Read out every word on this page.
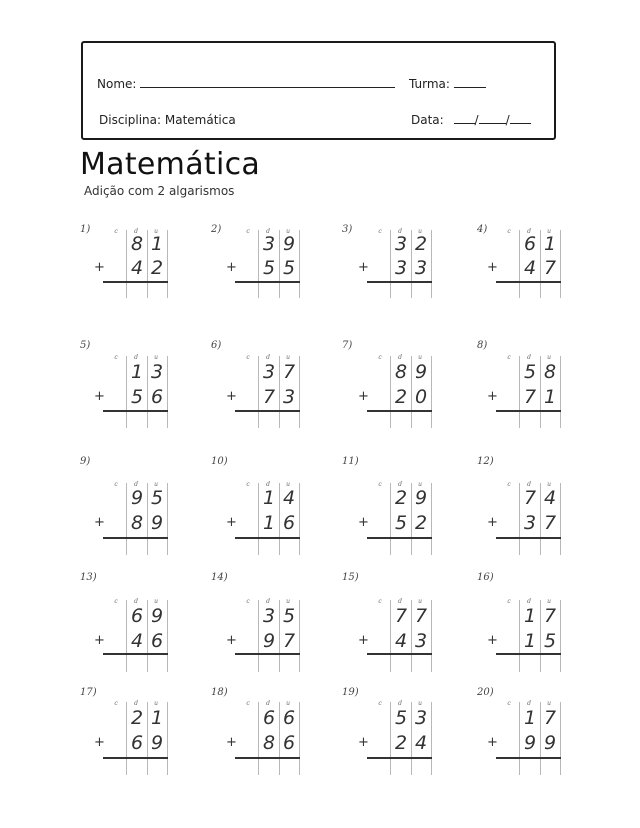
Nome:	Turma:
Disciplina: Matemática	Data:	/ /
Matemática
Adição com 2 algarismos
1)	c	d	u
8 1
4 2
+
2)	c	d	u
3 9
5 5
+
3)	c	d	u
3 2
3 3
+
4)	c	d	u
6 1
4 7
+
5)
c	d	u
1 3
5 6
+
6)
c	d	u
3 7
7 3
+
7)
c	d	u
8 9
2 0
+
8)
c	d	u
5 8
7 1
+
9)
c	d	u
9 5
8 9
+
10)
c	d	u
1 4
1 6
+
11)
c	d	u
2 9
5 2
+
12)
c	d	u
7 4
3 7
+
13)
c	d	u
6 9
4 6
+
14)
c	d	u
3 5
9 7
+
15)
c	d	u
7 7
4 3
+
16)
c	d	u
1 7
1 5
+
17)
c	d	u
2 1
6 9
+
18)
c	d	u
6 6
8 6
+
19)
c	d	u
5 3
2 4
+
20)
c	d	u
1 7
9 9
+
